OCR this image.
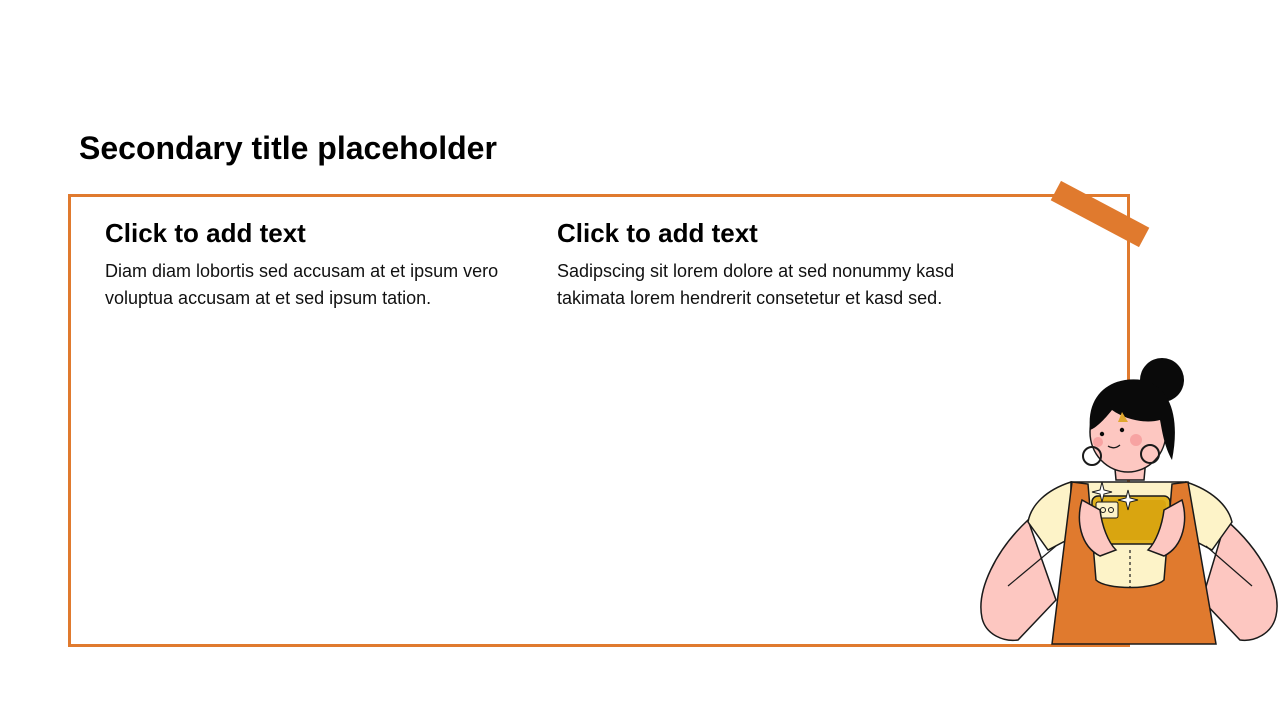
Secondary title placeholder
Click to add text

Diam diam lobortis sed accusam at et ipsum vero voluptua accusam at et sed ipsum tation.

Click to add text

Sadipscing sit lorem dolore at sed nonummy kasd takimata lorem hendrerit consetetur et kasd sed.
